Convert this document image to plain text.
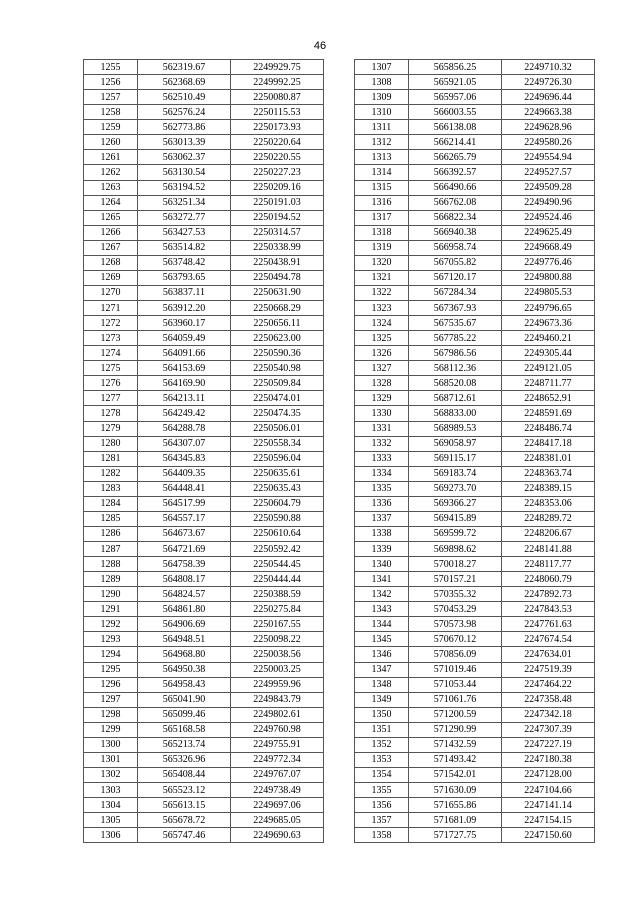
46
1255	562319.67	2249929.75
1256	562368.69	2249992.25
1257	562510.49	2250080.87
1258	562576.24	2250115.53
1259	562773.86	2250173.93
1260	563013.39	2250220.64
1261	563062.37	2250220.55
1262	563130.54	2250227.23
1263	563194.52	2250209.16
1264	563251.34	2250191.03
1265	563272.77	2250194.52
1266	563427.53	2250314.57
1267	563514.82	2250338.99
1268	563748.42	2250438.91
1269	563793.65	2250494.78
1270	563837.11	2250631.90
1271	563912.20	2250668.29
1272	563960.17	2250656.11
1273	564059.49	2250623.00
1274	564091.66	2250590.36
1275	564153.69	2250540.98
1276	564169.90	2250509.84
1277	564213.11	2250474.01
1278	564249.42	2250474.35
1279	564288.78	2250506.01
1280	564307.07	2250558.34
1281	564345.83	2250596.04
1282	564409.35	2250635.61
1283	564448.41	2250635.43
1284	564517.99	2250604.79
1285	564557.17	2250590.88
1286	564673.67	2250610.64
1287	564721.69	2250592.42
1288	564758.39	2250544.45
1289	564808.17	2250444.44
1290	564824.57	2250388.59
1291	564861.80	2250275.84
1292	564906.69	2250167.55
1293	564948.51	2250098.22
1294	564968.80	2250038.56
1295	564950.38	2250003.25
1296	564958.43	2249959.96
1297	565041.90	2249843.79
1298	565099.46	2249802.61
1299	565168.58	2249760.98
1300	565213.74	2249755.91
1301	565326.96	2249772.34
1302	565408.44	2249767.07
1303	565523.12	2249738.49
1304	565613.15	2249697.06
1305	565678.72	2249685.05
1306	565747.46	2249690.63
1307	565856.25	2249710.32
1308	565921.05	2249726.30
1309	565957.06	2249696.44
1310	566003.55	2249663.38
1311	566138.08	2249628.96
1312	566214.41	2249580.26
1313	566265.79	2249554.94
1314	566392.57	2249527.57
1315	566490.66	2249509.28
1316	566762.08	2249490.96
1317	566822.34	2249524.46
1318	566940.38	2249625.49
1319	566958.74	2249668.49
1320	567055.82	2249776.46
1321	567120.17	2249800.88
1322	567284.34	2249805.53
1323	567367.93	2249796.65
1324	567535.67	2249673.36
1325	567785.22	2249460.21
1326	567986.56	2249305.44
1327	568112.36	2249121.05
1328	568520.08	2248711.77
1329	568712.61	2248652.91
1330	568833.00	2248591.69
1331	568989.53	2248486.74
1332	569058.97	2248417.18
1333	569115.17	2248381.01
1334	569183.74	2248363.74
1335	569273.70	2248389.15
1336	569366.27	2248353.06
1337	569415.89	2248289.72
1338	569599.72	2248206.67
1339	569898.62	2248141.88
1340	570018.27	2248117.77
1341	570157.21	2248060.79
1342	570355.32	2247892.73
1343	570453.29	2247843.53
1344	570573.98	2247761.63
1345	570670.12	2247674.54
1346	570856.09	2247634.01
1347	571019.46	2247519.39
1348	571053.44	2247464.22
1349	571061.76	2247358.48
1350	571200.59	2247342.18
1351	571290.99	2247307.39
1352	571432.59	2247227.19
1353	571493.42	2247180.38
1354	571542.01	2247128.00
1355	571630.09	2247104.66
1356	571655.86	2247141.14
1357	571681.09	2247154.15
1358	571727.75	2247150.60
